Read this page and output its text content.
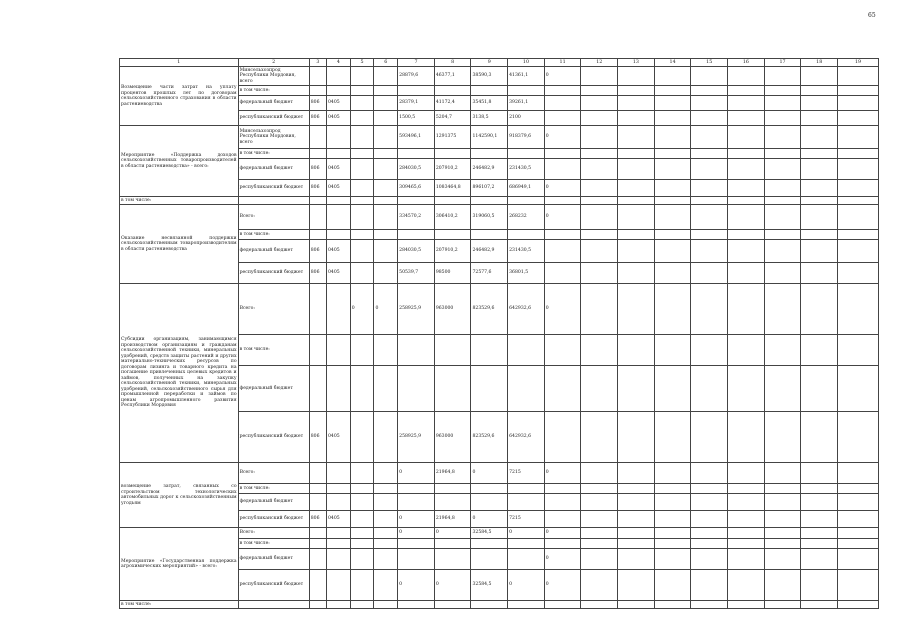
65
1	2	3	4	5	6	7	8	9	10	11	12	13	14	15	16	17	18	19
Возмещение части затрат на уплату процентов прошлых лет по договорам сельскохозяйственного страхования в области растениеводства	Минсельхозпрод Республики Мордовия, всего					28879,6	46377,1	38590,3	41361,1	0								
	в том числе:																	
	федеральный бюджет	806	0405			28379,1	41172,4	35451,8	39261,1									
	республиканский бюджет	806	0405			1500,5	5204,7	3138,5	2100									
Мероприятие «Поддержка доходов сельскохозяйственных товаропроизводителей в области растениеводства» - всего:	Минсельхозпрод Республики Мордовия, всего					593496,1	1291375	1142590,1	918379,6	0								
	в том числе:																	
	федеральный бюджет	806	0405			284030,5	207910,2	246482,9	231430,5									
	республиканский бюджет	806	0405			309465,6	1083464,8	896107,2	686949,1	0								
в том числе:																		
Оказание несвязанной поддержки сельскохозяйственным товаропроизводителям в области растениеводства	Всего:					334570,2	306410,2	319060,5	268232	0								
	в том числе:																	
	федеральный бюджет	806	0405			284030,5	207910,2	246482,9	231430,5									
	республиканский бюджет	806	0405			50539,7	98500	72577,6	36801,5									
Субсидии организациям, занимающимся производством организациям и гражданам сельскохозяйственной техники, минеральных удобрений, средств защиты растений и других материально-технических ресурсов по договорам лизинга и товарного кредита на погашение привлеченных целевых кредитов и займов, полученных на закупку сельскохозяйственной техники, минеральных удобрений, сельскохозяйственного сырья для промышленной переработки и займов по ценам агропромышленного развития Республики Мордовия	Всего:			0	0	258925,9	963000	823529,6	642932,6	0								
	в том числе:																	
	федеральный бюджет																	
	республиканский бюджет	806	0405			258925,9	963000	823529,6	642932,6									
возмещение затрат, связанных со строительством технологических автомобильных дорог к сельскохозяйственным угодьям	Всего:					0	21964,8	0	7215	0								
	в том числе:																	
	федеральный бюджет																	
	республиканский бюджет	806	0405			0	21964,8	0	7215									
Мероприятие «Государственная поддержка агрохимических мероприятий» - всего:	Всего:					0	0	32584,5	0	0								
	в том числе:																	
	федеральный бюджет									0								
	республиканский бюджет					0	0	32584,5	0	0								
в том числе:																		
